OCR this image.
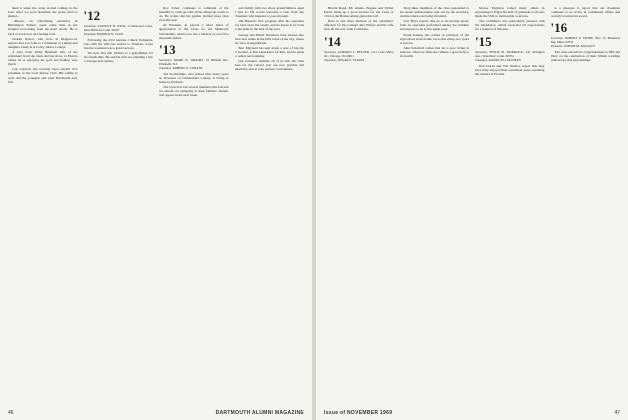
hand it when the water started coming in the boat. After we were drenched, the group tried to shelter...

...Pinson, an advertising executive in Huntington Station, spent some time in the hospital recovering from his heart attack. He is back at work now and feeling well.

Charlie Nestor, who lives in Ridgewood, reports that son John is a freshman at Lehigh and daughter Cindy is at Colby Junior College.

A note from Wally Bushnell tells of his retirement from the bank and his move to Florida where he is enjoying the golf and fishing very much.

Cap Capriola has recently been elected vice president of the local Rotary Club. His family is well, and the youngest will enter Dartmouth next fall.

'12 Secretary, STANLEY B. WILD, 2 Glenwood Court, West Hartford, Conn. 06107
Treasurer, HAROLD N. COLE

Following the 43rd reunion, Chuck Tompkins, who with his wife has retired to Vermont, wrote that the weekend was a great success.

We hear that Jim Webber is a grandfather for the fourth time. He and his wife are planning a trip to Europe next spring.

Roy Tobey continues to complain of his inability to catch up with all the things he wants to do. He writes that his garden yielded more than ever this year.

Al Fleeman, in person a short letter of appreciation to the Class for the Memorial Scholarship, which now has a balance of over five thousand dollars.

'13 Secretary, MARK B. WRIGHT, 53 Hillside Rd., Elizabeth, N.J.
Treasurer, ROBERT O. CONANT

Ted Stockbridge, who retired after many years as Treasurer of Cumberland County, is living at home in Portland.

The Class has lost several members this fall and we extend our sympathy to their families. Details will appear in the next issue.

and family with two more grandchildren, aged 3 and 11. He would welcome a visit from any classmate who happens to pass through.

Jim Bassett's first progress after his operation has been slow but steady, and he hopes to be back at his desk by the first of the year.

George and Hattie Davidson have moved into their new home in the hills north of the city, where the view is magnificent.

Bert Maynard has sent along a note of his trip to Ireland. A first experience for him, and he plans to return next summer.

Our treasurer reminds all of us that the class dues for the current year are now payable and should be sent at your earliest convenience.

46	DARTMOUTH ALUMNI MAGAZINE

Harold Rand, Mt. Alamo, Eugene and Walter Perrin made up a good turnout for the Class of 1914 at the Homecoming game this fall.

Here is one more instance of the old-timers' affection for the College: Ray Warner and his wife flew all the way from California.

'14 Secretary, GORDON C. HELPER, 1111 Lake Shore Dr., Chicago, Ill. 60611
Treasurer, EDGAR E. ELKINS

Sixty-three members of the class responded to the recent questionnaire sent out by the secretary, and the returns are being tabulated.

Lew Hoyt reports that he is recovering nicely from an operation performed during the summer and expects to be active again soon.

Frank Kinney has retired as principal of the high school in his home town after thirty-two years of service.

John Schofield writes that he is now living in Arizona, where he finds the climate a great help to his health.

Moose Eagleton joined many others in expressing to Edgar his debt of gratitude to all who made the 55th so memorable a success.

The committee was particularly pleased with the attendance, which exceeded all expectations for a reunion of this size.

'15 Secretary, PHILIP M. MURDOCK, 547 Arlington Ave., Waterbury, Conn. 06704
Treasurer, DANIEL H. COLEMAN

Bob Doran and Van Weslow report that they have fully enjoyed their retirement years, spending the winters in Florida.

is a pleasure to report that our classmate continues to be active in community affairs and recently received an award.

'16 Secretary, ROBERT P. STONE, Box 15, Buzzards Bay, Mass. 02532
Treasurer, JOSEPH M. ANGSLEY

The class extends its congratulations to Bill and Mary on the celebration of their fiftieth wedding anniversary this past summer.

Issue of NOVEMBER 1969	47
